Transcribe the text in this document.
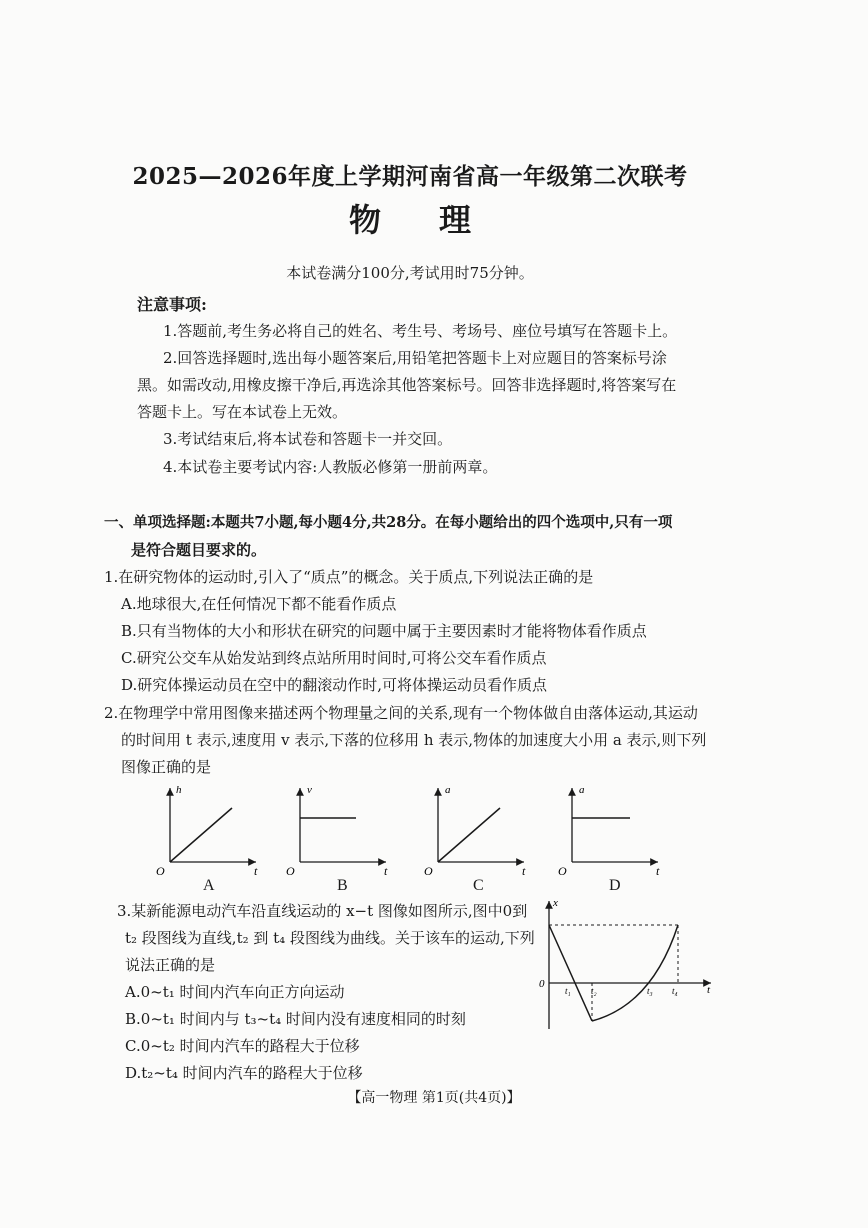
2025—2026年度上学期河南省高一年级第二次联考
物理
本试卷满分100分,考试用时75分钟。
注意事项:
1.答题前,考生务必将自己的姓名、考生号、考场号、座位号填写在答题卡上。
2.回答选择题时,选出每小题答案后,用铅笔把答题卡上对应题目的答案标号涂
黑。如需改动,用橡皮擦干净后,再选涂其他答案标号。回答非选择题时,将答案写在
答题卡上。写在本试卷上无效。
3.考试结束后,将本试卷和答题卡一并交回。
4.本试卷主要考试内容:人教版必修第一册前两章。
一、单项选择题:本题共7小题,每小题4分,共28分。在每小题给出的四个选项中,只有一项
是符合题目要求的。
1.在研究物体的运动时,引入了“质点”的概念。关于质点,下列说法正确的是
A.地球很大,在任何情况下都不能看作质点
B.只有当物体的大小和形状在研究的问题中属于主要因素时才能将物体看作质点
C.研究公交车从始发站到终点站所用时间时,可将公交车看作质点
D.研究体操运动员在空中的翻滚动作时,可将体操运动员看作质点
2.在物理学中常用图像来描述两个物理量之间的关系,现有一个物体做自由落体运动,其运动
的时间用 t 表示,速度用 v 表示,下落的位移用 h 表示,物体的加速度大小用 a 表示,则下列
图像正确的是
h
t
O
v
t
O
a
t
O
a
t
O
A	B	C	D
3.某新能源电动汽车沿直线运动的 x−t 图像如图所示,图中0到
t₂ 段图线为直线,t₂ 到 t₄ 段图线为曲线。关于该车的运动,下列
说法正确的是
A.0~t₁ 时间内汽车向正方向运动
B.0~t₁ 时间内与 t₃~t₄ 时间内没有速度相同的时刻
C.0~t₂ 时间内汽车的路程大于位移
D.t₂~t₄ 时间内汽车的路程大于位移
t
x
0
t₁ t₂	t₃ t₄
【高一物理 第1页(共4页)】
